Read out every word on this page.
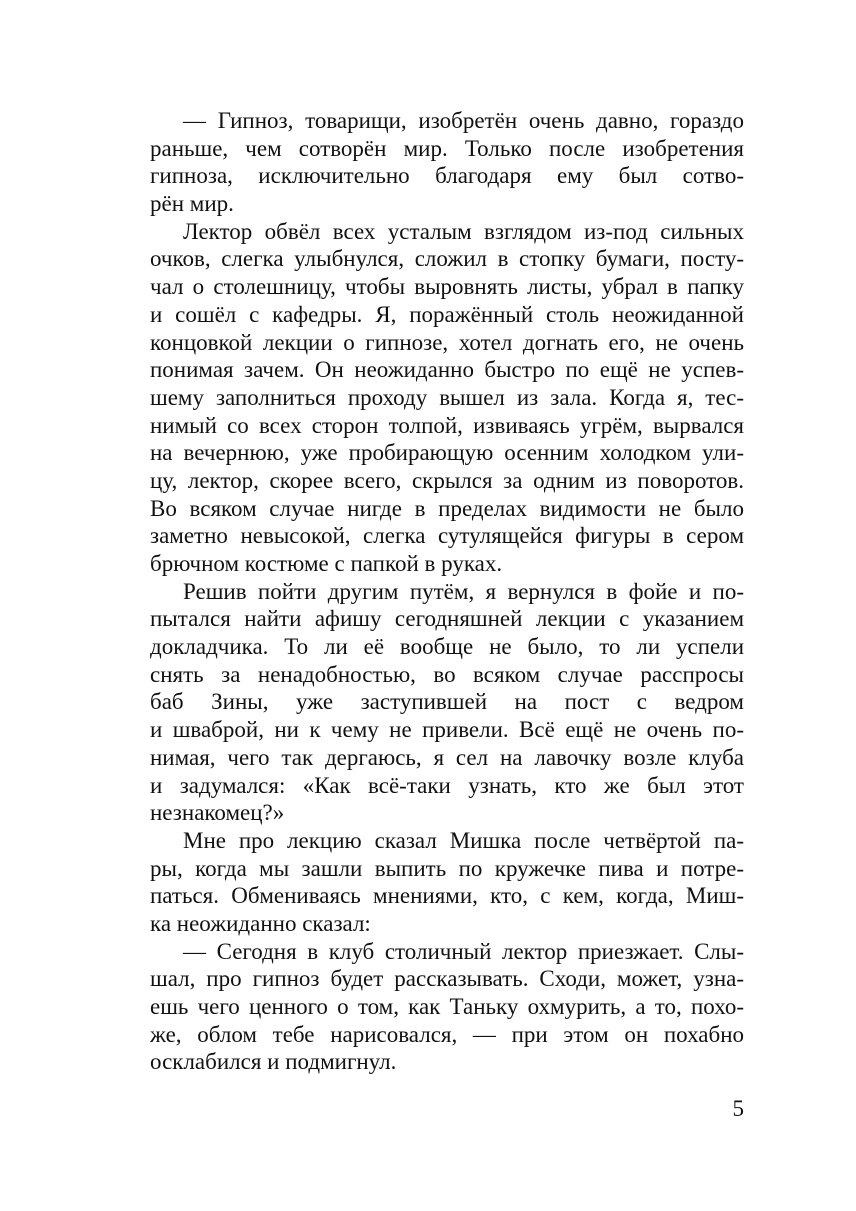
— Гипноз, товарищи, изобретён очень давно, гораздо
раньше, чем сотворён мир. Только после изобретения
гипноза, исключительно благодаря ему был сотво-
рён мир.
Лектор обвёл всех усталым взглядом из-под сильных
очков, слегка улыбнулся, сложил в стопку бумаги, посту-
чал о столешницу, чтобы выровнять листы, убрал в папку
и сошёл с кафедры. Я, поражённый столь неожиданной
концовкой лекции о гипнозе, хотел догнать его, не очень
понимая зачем. Он неожиданно быстро по ещё не успев-
шему заполниться проходу вышел из зала. Когда я, тес-
нимый со всех сторон толпой, извиваясь угрём, вырвался
на вечернюю, уже пробирающую осенним холодком ули-
цу, лектор, скорее всего, скрылся за одним из поворотов.
Во всяком случае нигде в пределах видимости не было
заметно невысокой, слегка сутулящейся фигуры в сером
брючном костюме с папкой в руках.
Решив пойти другим путём, я вернулся в фойе и по-
пытался найти афишу сегодняшней лекции с указанием
докладчика. То ли её вообще не было, то ли успели
снять за ненадобностью, во всяком случае расспросы
баб Зины, уже заступившей на пост с ведром
и шваброй, ни к чему не привели. Всё ещё не очень по-
нимая, чего так дергаюсь, я сел на лавочку возле клуба
и задумался: «Как всё-таки узнать, кто же был этот
незнакомец?»
Мне про лекцию сказал Мишка после четвёртой па-
ры, когда мы зашли выпить по кружечке пива и потре-
паться. Обмениваясь мнениями, кто, с кем, когда, Миш-
ка неожиданно сказал:
— Сегодня в клуб столичный лектор приезжает. Слы-
шал, про гипноз будет рассказывать. Сходи, может, узна-
ешь чего ценного о том, как Таньку охмурить, а то, похо-
же, облом тебе нарисовался, — при этом он похабно
осклабился и подмигнул.
5
